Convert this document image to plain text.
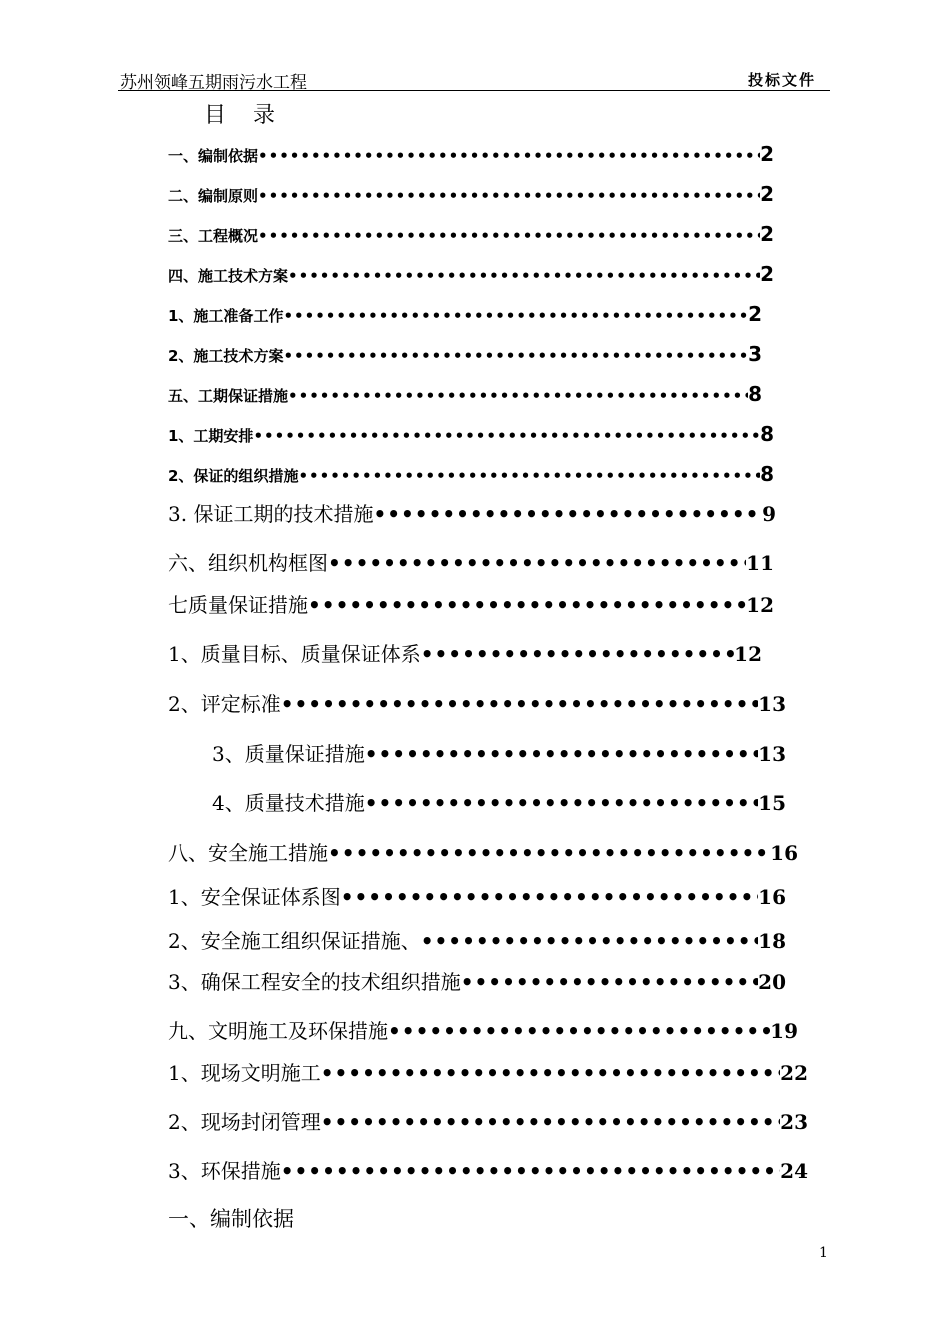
苏州领峰五期雨污水工程	投标文件
目 录
一、编制依据 •••••	2
二、编制原则 •••••	2
三、工程概况 •••••	2
四、施工技术方案 •••••	2
1、施工准备工作 •••••	2
2、施工技术方案 •••••	3
五、工期保证措施 •••••	8
1、工期安排 •••••	8
2、保证的组织措施 •••••	8
3. 保证工期的技术措施 •••••	9
六、组织机构框图 •••••	11
七质量保证措施 •••••	12
1、质量目标、质量保证体系 •••••	12
2、评定标准 •••••	13
3、质量保证措施 •••••	13
4、质量技术措施 •••••	15
八、安全施工措施 •••••	16
1、安全保证体系图 •••••	16
2、安全施工组织保证措施、 •••••	18
3、确保工程安全的技术组织措施 •••••	20
九、文明施工及环保措施 •••••	19
1、现场文明施工 •••••	22
2、现场封闭管理 •••••	23
3、环保措施 •••••	24
一、编制依据
1
